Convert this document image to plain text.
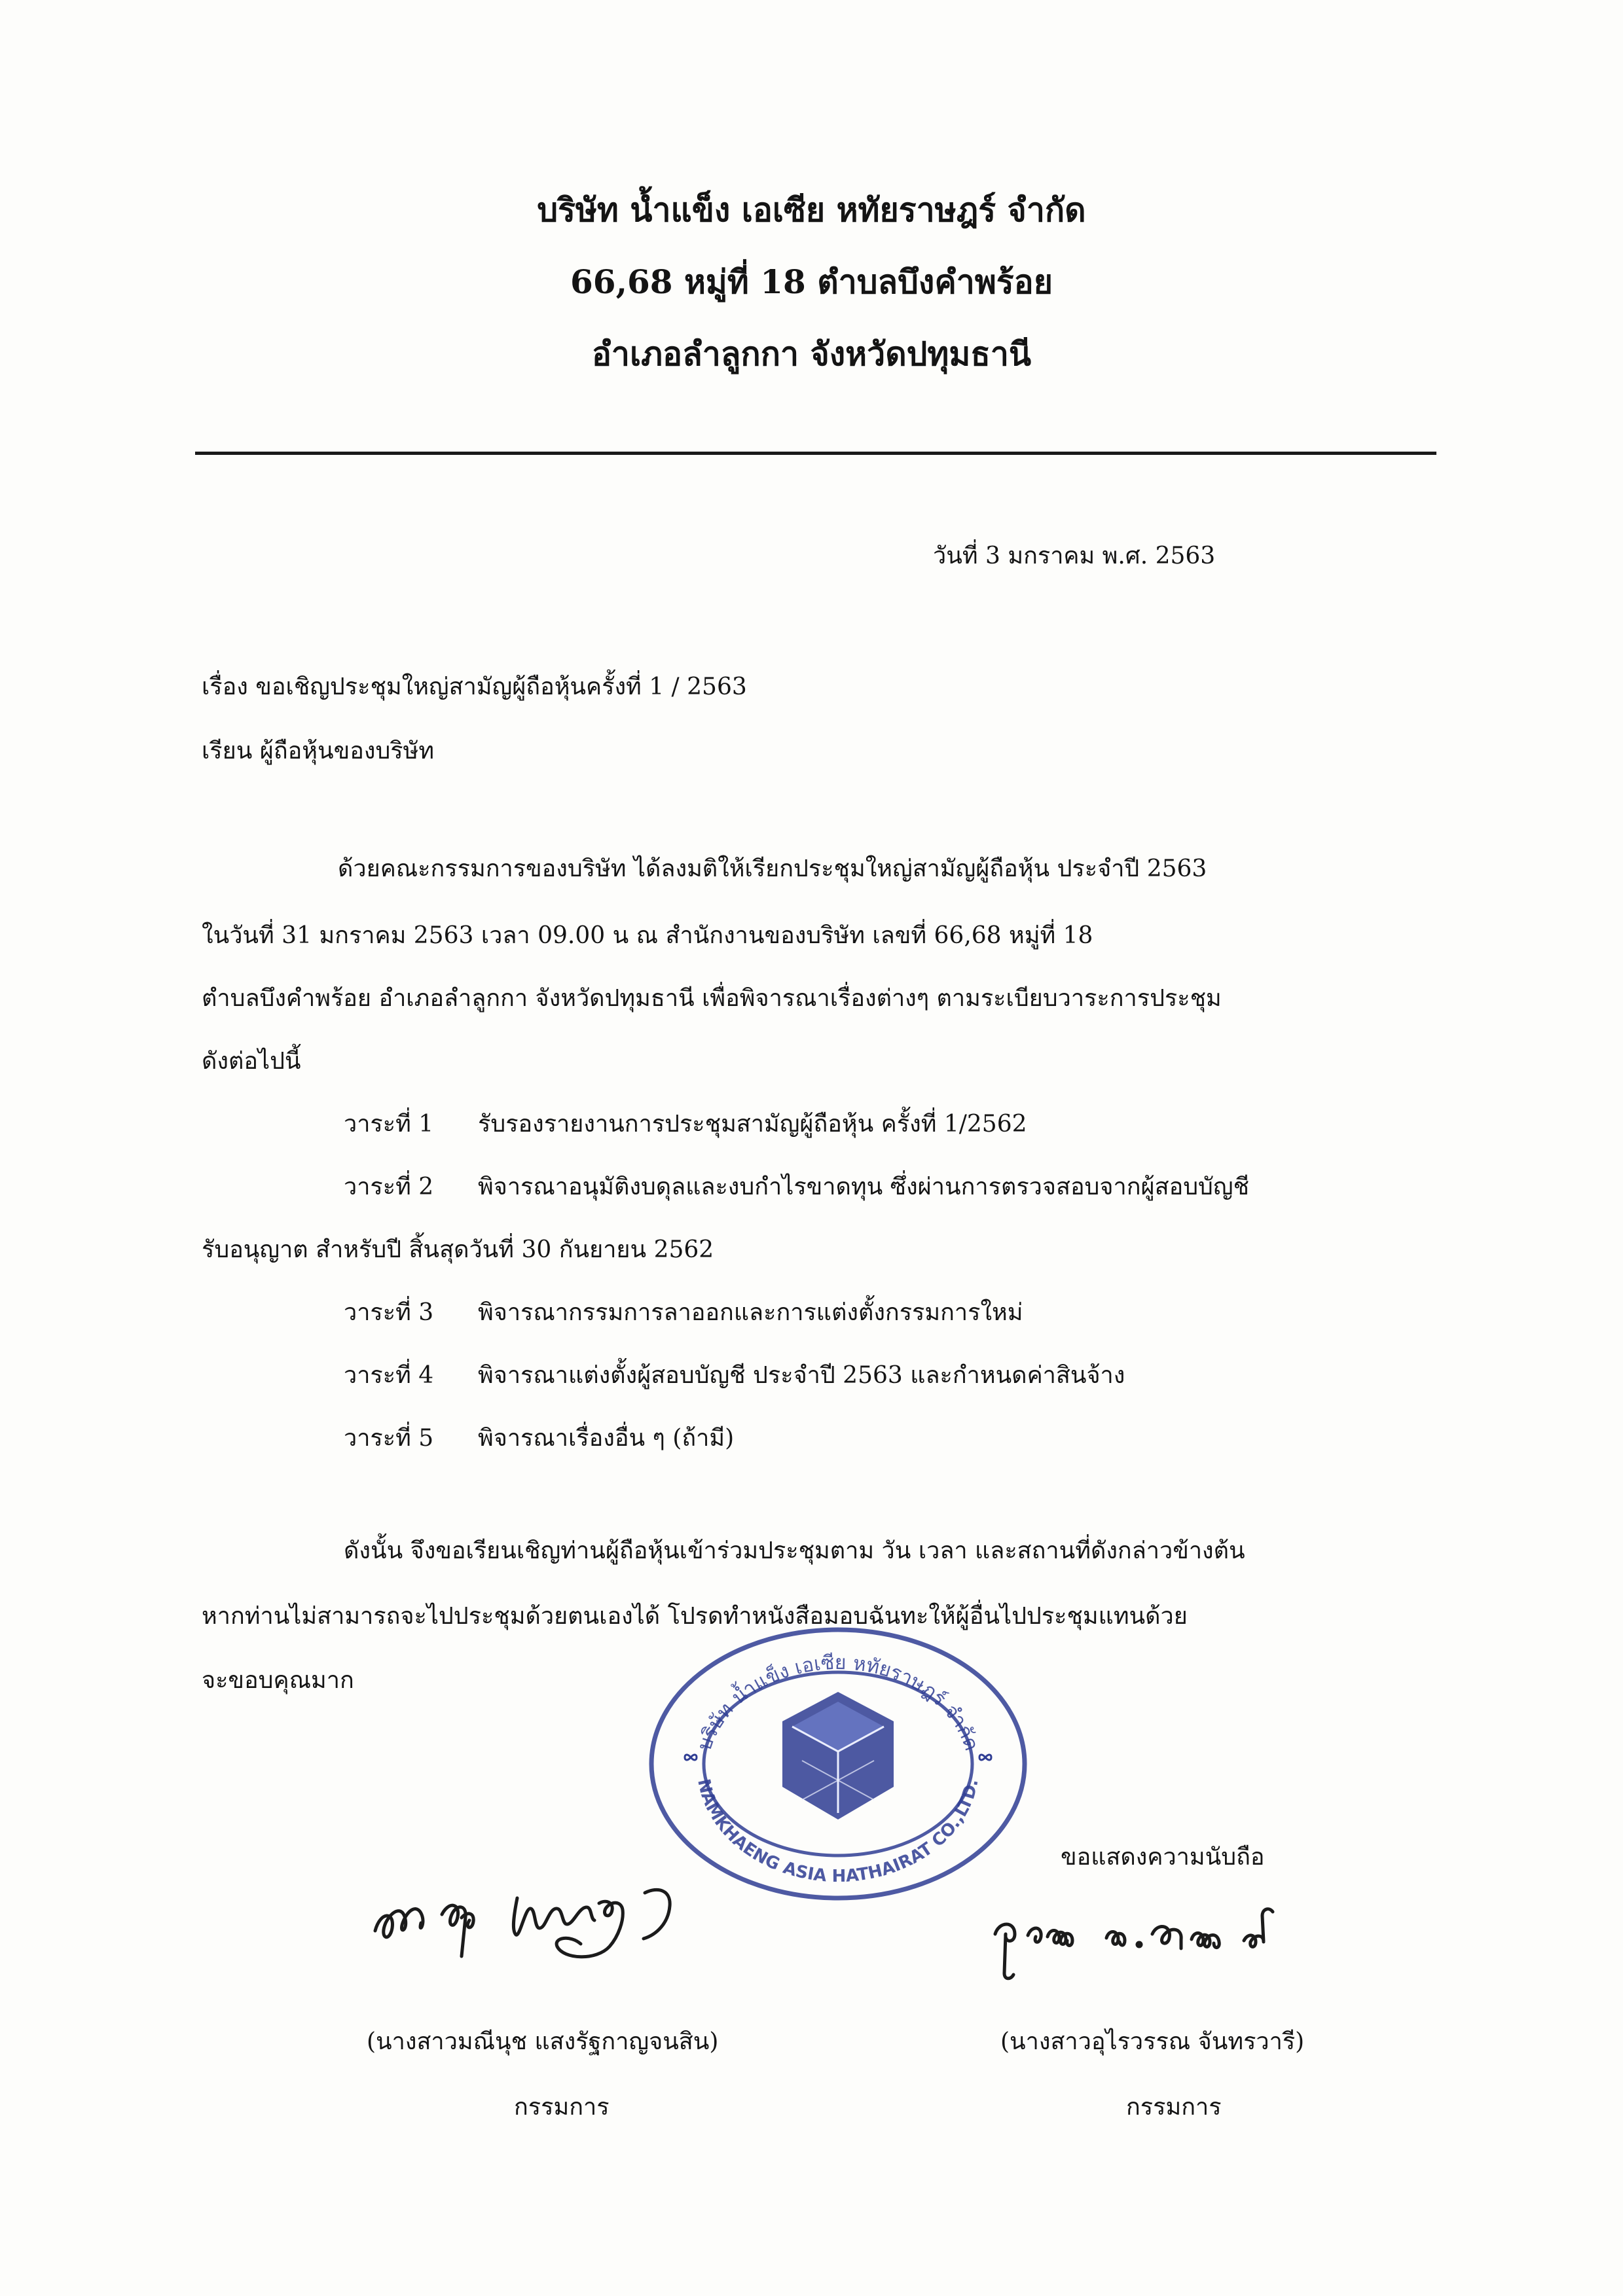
บริษัท น้ำแข็ง เอเซีย หทัยราษฎร์ จำกัด
66,68 หมู่ที่ 18 ตำบลบึงคำพร้อย
อำเภอลำลูกกา จังหวัดปทุมธานี
วันที่ 3 มกราคม พ.ศ. 2563
เรื่อง ขอเชิญประชุมใหญ่สามัญผู้ถือหุ้นครั้งที่ 1 / 2563
เรียน ผู้ถือหุ้นของบริษัท
ด้วยคณะกรรมการของบริษัท ได้ลงมติให้เรียกประชุมใหญ่สามัญผู้ถือหุ้น ประจำปี 2563
ในวันที่ 31 มกราคม 2563 เวลา 09.00 น ณ สำนักงานของบริษัท เลขที่ 66,68 หมู่ที่ 18
ตำบลบึงคำพร้อย อำเภอลำลูกกา จังหวัดปทุมธานี เพื่อพิจารณาเรื่องต่างๆ ตามระเบียบวาระการประชุม
ดังต่อไปนี้
วาระที่ 1 รับรองรายงานการประชุมสามัญผู้ถือหุ้น ครั้งที่ 1/2562
วาระที่ 2 พิจารณาอนุมัติงบดุลและงบกำไรขาดทุน ซึ่งผ่านการตรวจสอบจากผู้สอบบัญชี
รับอนุญาต สำหรับปี สิ้นสุดวันที่ 30 กันยายน 2562
วาระที่ 3 พิจารณากรรมการลาออกและการแต่งตั้งกรรมการใหม่
วาระที่ 4 พิจารณาแต่งตั้งผู้สอบบัญชี ประจำปี 2563 และกำหนดค่าสินจ้าง
วาระที่ 5 พิจารณาเรื่องอื่น ๆ (ถ้ามี)
ดังนั้น จึงขอเรียนเชิญท่านผู้ถือหุ้นเข้าร่วมประชุมตาม วัน เวลา และสถานที่ดังกล่าวข้างต้น
หากท่านไม่สามารถจะไปประชุมด้วยตนเองได้ โปรดทำหนังสือมอบฉันทะให้ผู้อื่นไปประชุมแทนด้วย
จะขอบคุณมาก
บริษัท น้ำแข็ง เอเซีย หทัยราษฎร์ จำกัด
NAMKHAENG ASIA HATHAIRAT CO.,LTD.
ขอแสดงความนับถือ
(นางสาวมณีนุช แสงรัฐกาญจนสิน)
กรรมการ
(นางสาวอุไรวรรณ จันทรวารี)
กรรมการ
